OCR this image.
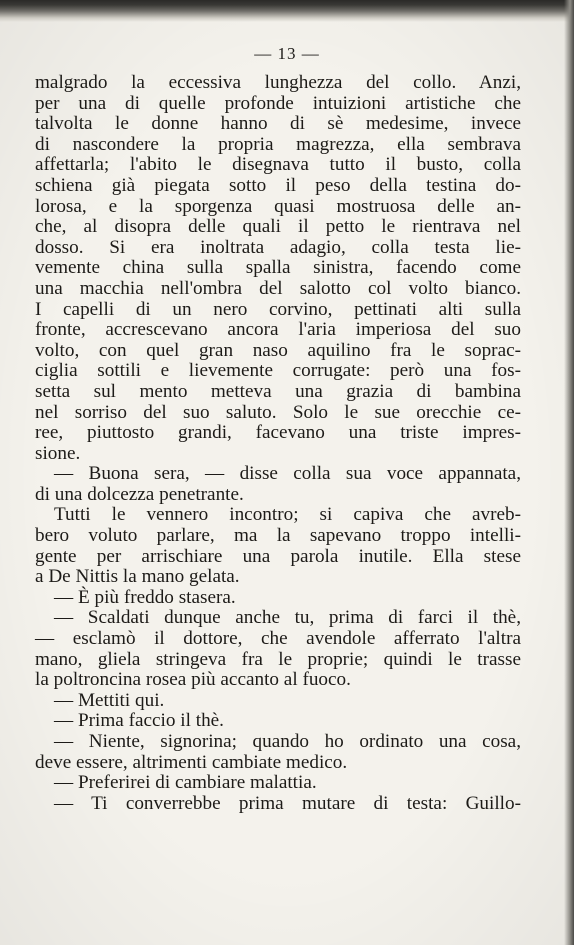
— 13 —
malgrado la eccessiva lunghezza del collo. Anzi,
per una di quelle profonde intuizioni artistiche che
talvolta le donne hanno di sè medesime, invece
di nascondere la propria magrezza, ella sembrava
affettarla; l'abito le disegnava tutto il busto, colla
schiena già piegata sotto il peso della testina do-
lorosa, e la sporgenza quasi mostruosa delle an-
che, al disopra delle quali il petto le rientrava nel
dosso. Si era inoltrata adagio, colla testa lie-
vemente china sulla spalla sinistra, facendo come
una macchia nell'ombra del salotto col volto bianco.
I capelli di un nero corvino, pettinati alti sulla
fronte, accrescevano ancora l'aria imperiosa del suo
volto, con quel gran naso aquilino fra le soprac-
ciglia sottili e lievemente corrugate: però una fos-
setta sul mento metteva una grazia di bambina
nel sorriso del suo saluto. Solo le sue orecchie ce-
ree, piuttosto grandi, facevano una triste impres-
sione.
— Buona sera, — disse colla sua voce appannata,
di una dolcezza penetrante.
Tutti le vennero incontro; si capiva che avreb-
bero voluto parlare, ma la sapevano troppo intelli-
gente per arrischiare una parola inutile. Ella stese
a De Nittis la mano gelata.
— È più freddo stasera.
— Scaldati dunque anche tu, prima di farci il thè,
— esclamò il dottore, che avendole afferrato l'altra
mano, gliela stringeva fra le proprie; quindi le trasse
la poltroncina rosea più accanto al fuoco.
— Mettiti qui.
— Prima faccio il thè.
— Niente, signorina; quando ho ordinato una cosa,
deve essere, altrimenti cambiate medico.
— Preferirei di cambiare malattia.
— Ti converrebbe prima mutare di testa: Guillo-
